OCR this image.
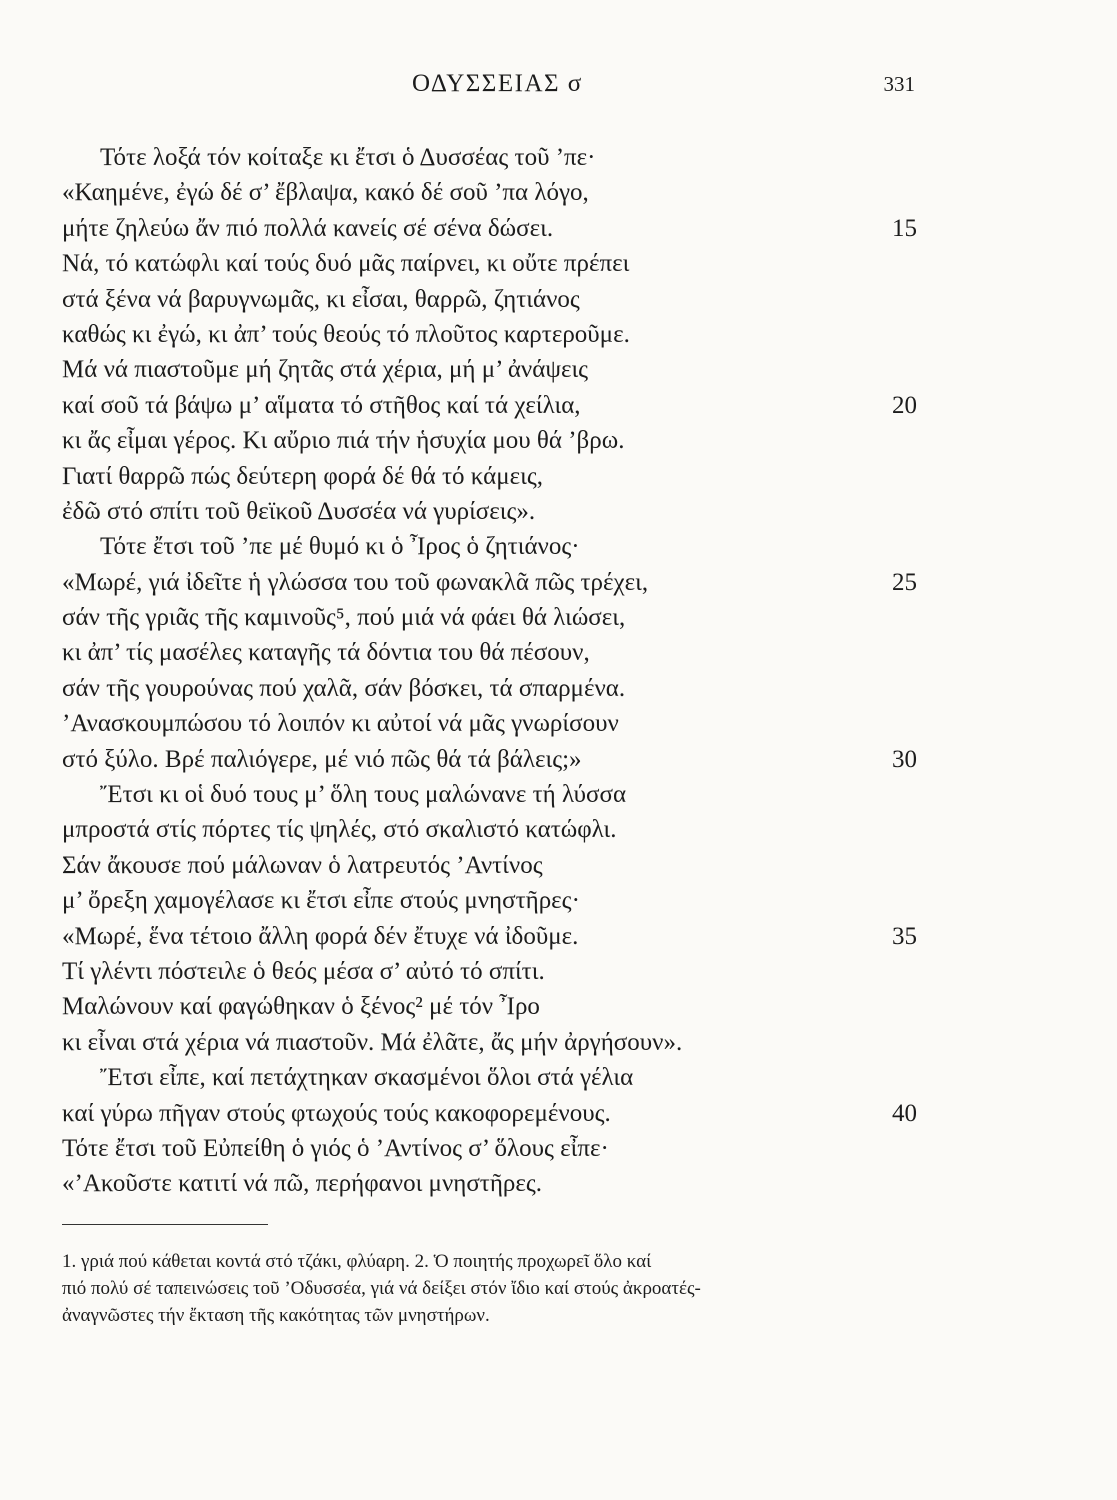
ΟΔΥΣΣΕΙΑΣ σ	331
Τότε λοξά τόν κοίταξε κι ἔτσι ὁ Δυσσέας τοῦ ’πε·
«Καημένε, ἐγώ δέ σ’ ἔβλαψα, κακό δέ σοῦ ’πα λόγο,
μήτε ζηλεύω ἄν πιό πολλά κανείς σέ σένα δώσει.	15
Νά, τό κατώφλι καί τούς δυό μᾶς παίρνει, κι οὔτε πρέπει
στά ξένα νά βαρυγνωμᾶς, κι εἶσαι, θαρρῶ, ζητιάνος
καθώς κι ἐγώ, κι ἀπ’ τούς θεούς τό πλοῦτος καρτεροῦμε.
Μά νά πιαστοῦμε μή ζητᾶς στά χέρια, μή μ’ ἀνάψεις
καί σοῦ τά βάψω μ’ αἵματα τό στῆθος καί τά χείλια,	20
κι ἄς εἶμαι γέρος. Κι αὔριο πιά τήν ἡσυχία μου θά ’βρω.
Γιατί θαρρῶ πώς δεύτερη φορά δέ θά τό κάμεις,
ἐδῶ στό σπίτι τοῦ θεϊκοῦ Δυσσέα νά γυρίσεις».
Τότε ἔτσι τοῦ ’πε μέ θυμό κι ὁ Ἶρος ὁ ζητιάνος·
«Μωρέ, γιά ἰδεῖτε ἡ γλώσσα του τοῦ φωνακλᾶ πῶς τρέχει,	25
σάν τῆς γριᾶς τῆς καμινοῦς⁵, πού μιά νά φάει θά λιώσει,
κι ἀπ’ τίς μασέλες καταγῆς τά δόντια του θά πέσουν,
σάν τῆς γουρούνας πού χαλᾶ, σάν βόσκει, τά σπαρμένα.
’Ανασκουμπώσου τό λοιπόν κι αὐτοί νά μᾶς γνωρίσουν
στό ξύλο. Βρέ παλιόγερε, μέ νιό πῶς θά τά βάλεις;»	30
Ἔτσι κι οἱ δυό τους μ’ ὅλη τους μαλώνανε τή λύσσα
μπροστά στίς πόρτες τίς ψηλές, στό σκαλιστό κατώφλι.
Σάν ἄκουσε πού μάλωναν ὁ λατρευτός ’Αντίνος
μ’ ὄρεξη χαμογέλασε κι ἔτσι εἶπε στούς μνηστῆρες·
«Μωρέ, ἕνα τέτοιο ἄλλη φορά δέν ἔτυχε νά ἰδοῦμε.	35
Τί γλέντι πόστειλε ὁ θεός μέσα σ’ αὐτό τό σπίτι.
Μαλώνουν καί φαγώθηκαν ὁ ξένος² μέ τόν Ἶρο
κι εἶναι στά χέρια νά πιαστοῦν. Μά ἐλᾶτε, ἄς μήν ἀργήσουν».
Ἔτσι εἶπε, καί πετάχτηκαν σκασμένοι ὅλοι στά γέλια
καί γύρω πῆγαν στούς φτωχούς τούς κακοφορεμένους.	40
Τότε ἔτσι τοῦ Εὐπείθη ὁ γιός ὁ ’Αντίνος σ’ ὅλους εἶπε·
«’Ακοῦστε κατιτί νά πῶ, περήφανοι μνηστῆρες.
1. γριά πού κάθεται κοντά στό τζάκι, φλύαρη. 2. Ὁ ποιητής προχωρεῖ ὅλο καί
πιό πολύ σέ ταπεινώσεις τοῦ ’Οδυσσέα, γιά νά δείξει στόν ἴδιο καί στούς ἀκροατές-
ἀναγνῶστες τήν ἔκταση τῆς κακότητας τῶν μνηστήρων.
